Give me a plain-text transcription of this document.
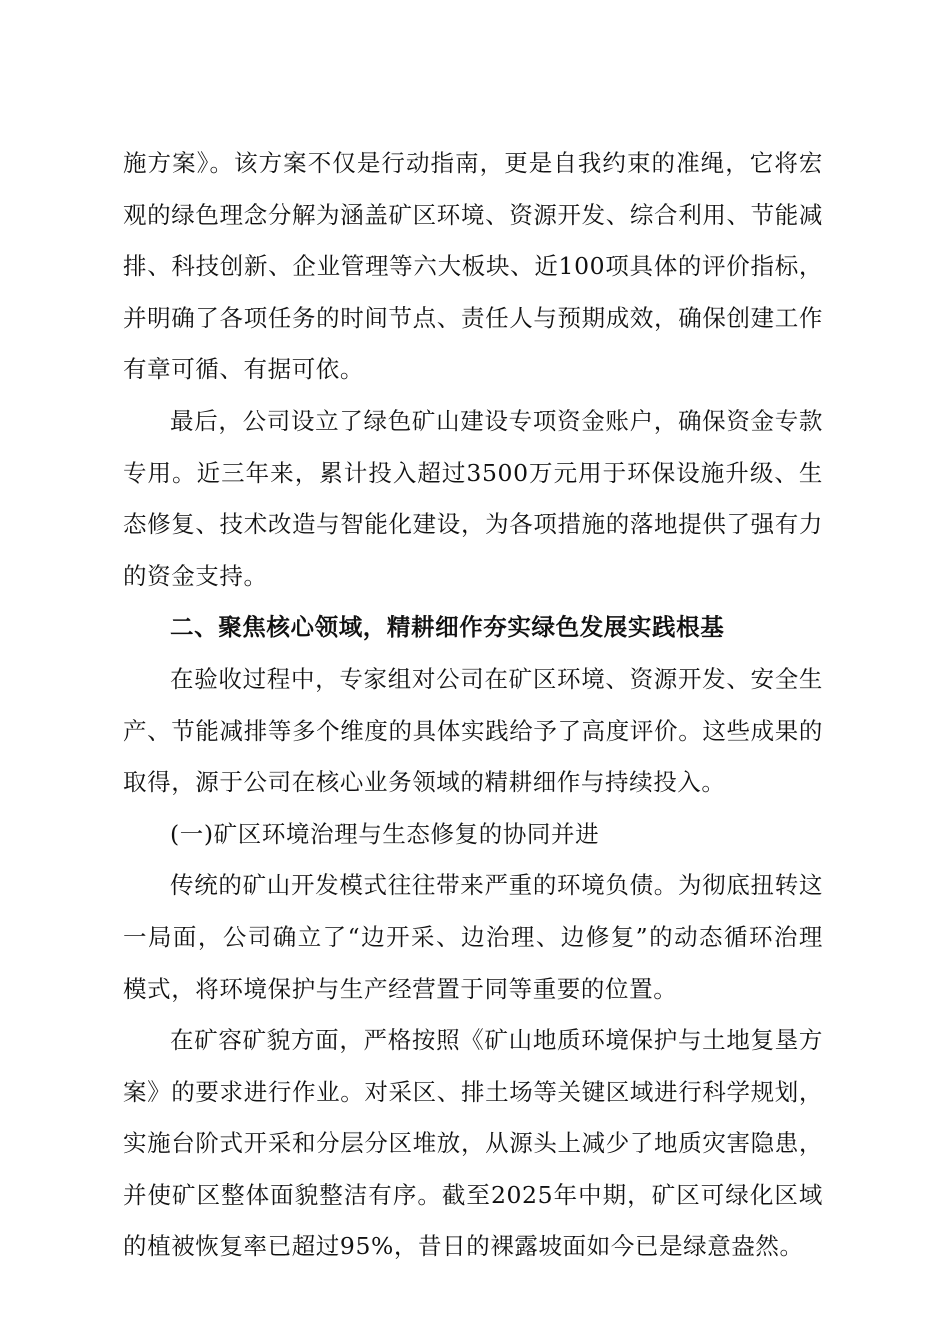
施方案》。该方案不仅是行动指南，更是自我约束的准绳，它将宏观的绿色理念分解为涵盖矿区环境、资源开发、综合利用、节能减排、科技创新、企业管理等六大板块、近100项具体的评价指标，并明确了各项任务的时间节点、责任人与预期成效，确保创建工作有章可循、有据可依。

最后，公司设立了绿色矿山建设专项资金账户，确保资金专款专用。近三年来，累计投入超过3500万元用于环保设施升级、生态修复、技术改造与智能化建设，为各项措施的落地提供了强有力的资金支持。

二、聚焦核心领域，精耕细作夯实绿色发展实践根基

在验收过程中，专家组对公司在矿区环境、资源开发、安全生产、节能减排等多个维度的具体实践给予了高度评价。这些成果的取得，源于公司在核心业务领域的精耕细作与持续投入。

(一)矿区环境治理与生态修复的协同并进

传统的矿山开发模式往往带来严重的环境负债。为彻底扭转这一局面，公司确立了“边开采、边治理、边修复”的动态循环治理模式，将环境保护与生产经营置于同等重要的位置。

在矿容矿貌方面，严格按照《矿山地质环境保护与土地复垦方案》的要求进行作业。对采区、排土场等关键区域进行科学规划，实施台阶式开采和分层分区堆放，从源头上减少了地质灾害隐患，并使矿区整体面貌整洁有序。截至2025年中期，矿区可绿化区域的植被恢复率已超过95%，昔日的裸露坡面如今已是绿意盎然。
